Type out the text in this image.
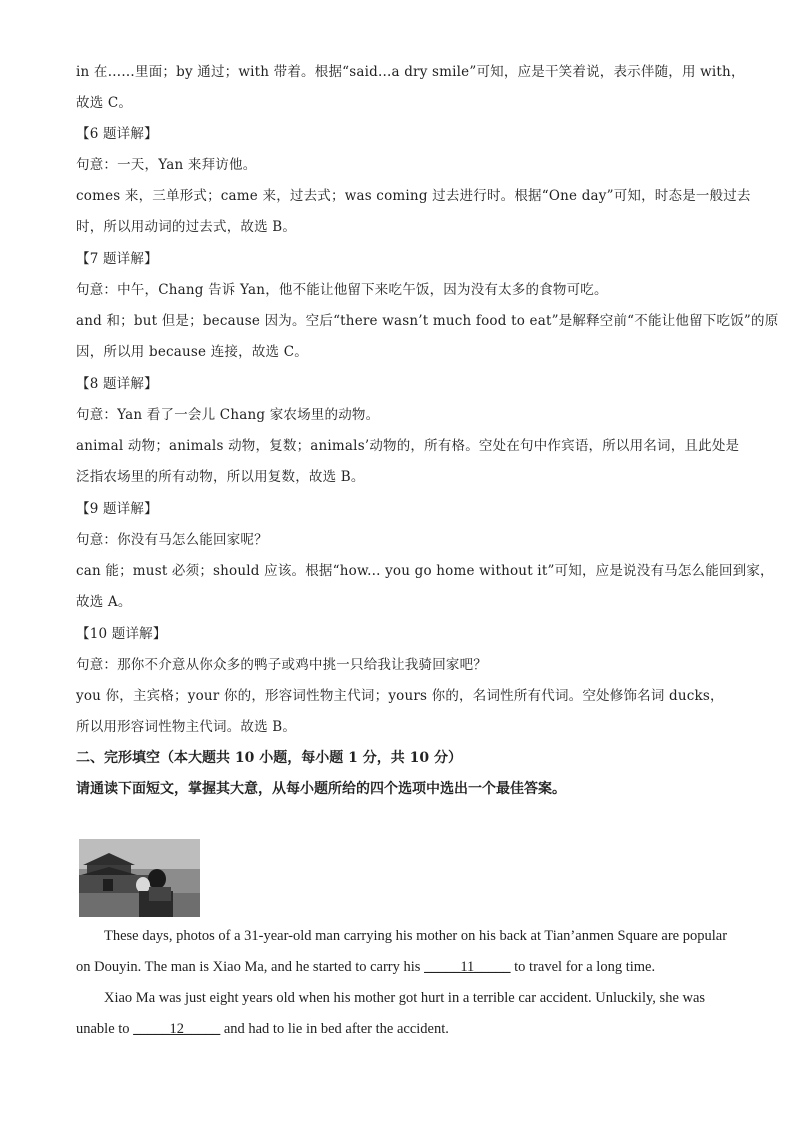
in 在……里面；by 通过；with 带着。根据“said...a dry smile”可知，应是干笑着说，表示伴随，用 with，
故选 C。
【6 题详解】
句意：一天，Yan 来拜访他。
comes 来，三单形式；came 来，过去式；was coming 过去进行时。根据“One day”可知，时态是一般过去
时，所以用动词的过去式，故选 B。
【7 题详解】
句意：中午，Chang 告诉 Yan，他不能让他留下来吃午饭，因为没有太多的食物可吃。
and 和；but 但是；because 因为。空后“there wasn’t much food to eat”是解释空前“不能让他留下吃饭”的原
因，所以用 because 连接，故选 C。
【8 题详解】
句意：Yan 看了一会儿 Chang 家农场里的动物。
animal 动物；animals 动物，复数；animals’动物的，所有格。空处在句中作宾语，所以用名词，且此处是
泛指农场里的所有动物，所以用复数，故选 B。
【9 题详解】
句意：你没有马怎么能回家呢？
can 能；must 必须；should 应该。根据“how... you go home without it”可知，应是说没有马怎么能回到家，
故选 A。
【10 题详解】
句意：那你不介意从你众多的鸭子或鸡中挑一只给我让我骑回家吧？
you 你，主宾格；your 你的，形容词性物主代词；yours 你的，名词性所有代词。空处修饰名词 ducks，
所以用形容词性物主代词。故选 B。
二、完形填空（本大题共 10 小题，每小题 1 分，共 10 分）
请通读下面短文，掌握其大意，从每小题所给的四个选项中选出一个最佳答案。
These days, photos of a 31-year-old man carrying his mother on his back at Tian’anmen Square are popular
on Douyin. The man is Xiao Ma, and he started to carry his _____11_____ to travel for a long time.
Xiao Ma was just eight years old when his mother got hurt in a terrible car accident. Unluckily, she was
unable to _____12_____ and had to lie in bed after the accident.
